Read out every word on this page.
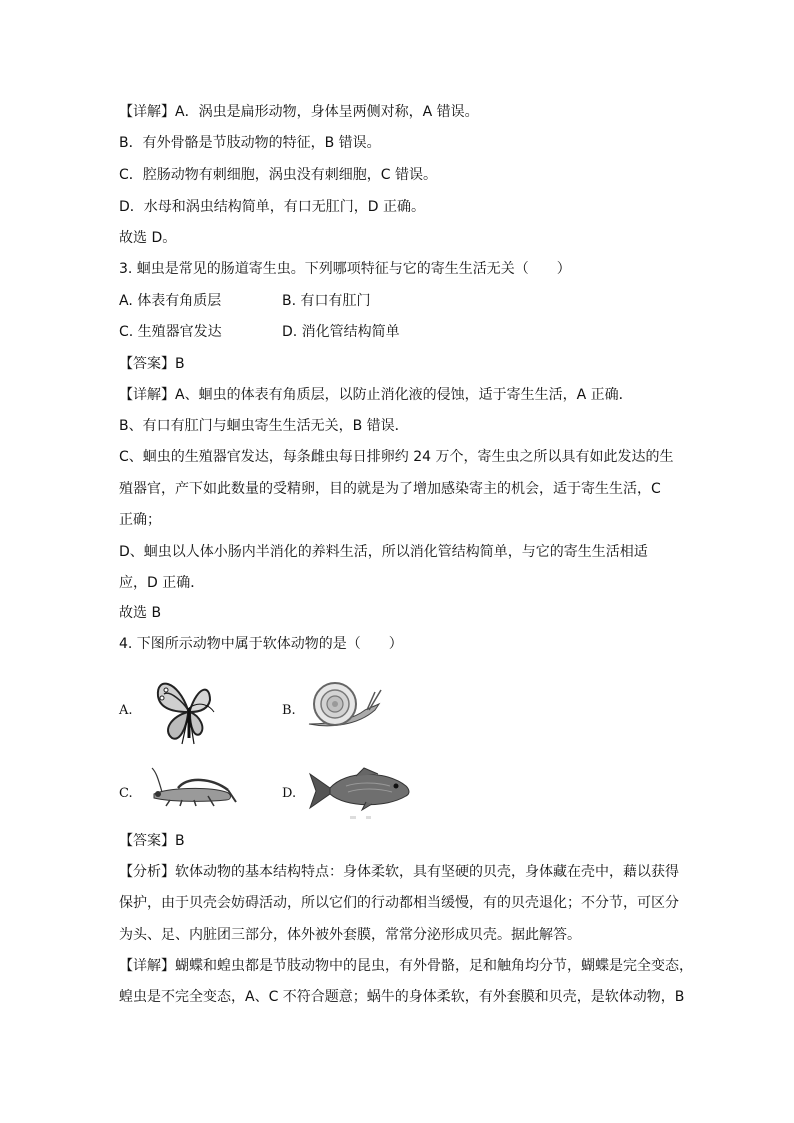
【详解】A．涡虫是扁形动物，身体呈两侧对称，A 错误。
B．有外骨骼是节肢动物的特征，B 错误。
C．腔肠动物有刺细胞，涡虫没有刺细胞，C 错误。
D．水母和涡虫结构简单，有口无肛门，D 正确。
故选 D。
3. 蛔虫是常见的肠道寄生虫。下列哪项特征与它的寄生生活无关（　　）
A. 体表有角质层	B. 有口有肛门
C. 生殖器官发达	D. 消化管结构简单
【答案】B
【详解】A、蛔虫的体表有角质层，以防止消化液的侵蚀，适于寄生生活，A 正确．
B、有口有肛门与蛔虫寄生生活无关，B 错误．
C、蛔虫的生殖器官发达，每条雌虫每日排卵约 24 万个，寄生虫之所以具有如此发达的生
殖器官，产下如此数量的受精卵，目的就是为了增加感染寄主的机会，适于寄生生活，C
正确；
D、蛔虫以人体小肠内半消化的养料生活，所以消化管结构简单，与它的寄生生活相适
应，D 正确．
故选 B
4. 下图所示动物中属于软体动物的是（　　）
A.	B.
C.	D.
【答案】B
【分析】软体动物的基本结构特点：身体柔软，具有坚硬的贝壳，身体藏在壳中，藉以获得
保护，由于贝壳会妨碍活动，所以它们的行动都相当缓慢，有的贝壳退化；不分节，可区分
为头、足、内脏团三部分，体外被外套膜，常常分泌形成贝壳。据此解答。
【详解】蝴蝶和蝗虫都是节肢动物中的昆虫，有外骨骼，足和触角均分节，蝴蝶是完全变态，
蝗虫是不完全变态，A、C 不符合题意；蜗牛的身体柔软，有外套膜和贝壳，是软体动物，B
